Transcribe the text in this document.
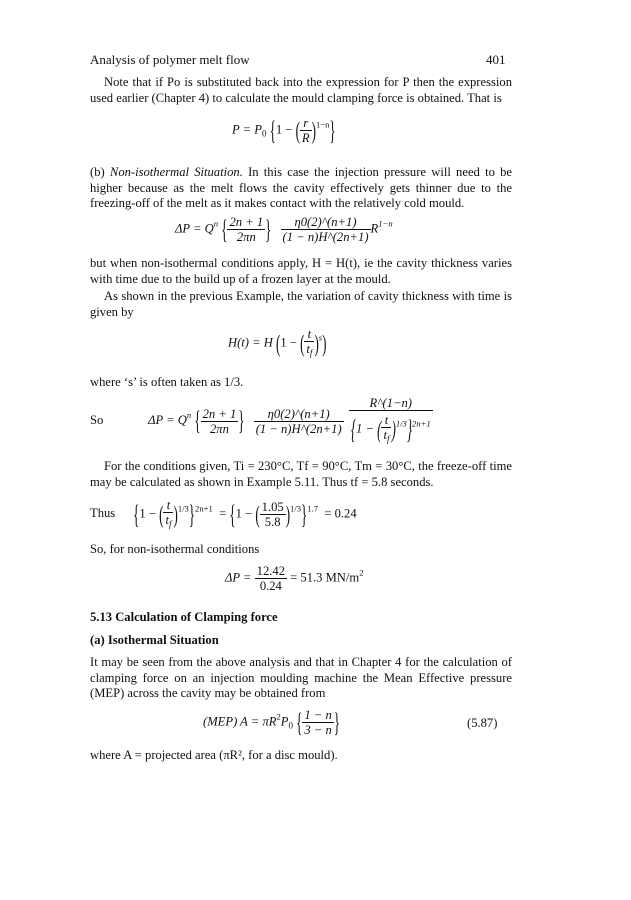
Analysis of polymer melt flow	401
Note that if Po is substituted back into the expression for P then the expression used earlier (Chapter 4) to calculate the mould clamping force is obtained. That is
$P = P_0$ {1 − ( $\frac{r}{R} )^{1-n}$}
(b) Non-isothermal Situation. In this case the injection pressure will need to be higher because as the melt flows the cavity effectively gets thinner due to the freezing-off of the melt as it makes contact with the relatively cold mould.
$\Delta P = Q^n$ { $\frac{2n + 1}{2\pi n}$ } $\frac{\eta 0(2)\^{}(n+1)}{(1 - n)H\^{}(2n+1)} R^{1-n}$
but when non-isothermal conditions apply, H = H(t), ie the cavity thickness varies with time due to the build up of a frozen layer at the mould.
As shown in the previous Example, the variation of cavity thickness with time is given by
H(t) = H (1 − ( $\frac{t}{t_f} )^s$)
where ‘s’ is often taken as 1/3.
So	$\Delta P = Q^n$ { $\frac{2n + 1}{2\pi n}$ } $\frac{\eta 0(2)\^{}(n+1)}{(1 - n)H\^{}(2n+1)}$
$\frac{R\^{}(1-n)}{\{1 - ( \frac{t}{t_f} )^{1/3}\}^{2n+1}}$
For the conditions given, Ti = 230°C, Tf = 90°C, Tm = 30°C, the freeze-off time may be calculated as shown in Example 5.11. Thus tf = 5.8 seconds.
Thus {1 − ( $\frac{t}{t_f} )^{1/3}\}^{2n+1} = \{1$ − ( $\frac{1.05}{5.8} )^{1/3}\}^{1.7} = 0.24$
So, for non-isothermal conditions
$\Delta P = \frac{12.42}{0.24} = 51.3$ $MN/m^2$
5.13 Calculation of Clamping force
(a) Isothermal Situation
It may be seen from the above analysis and that in Chapter 4 for the calculation of clamping force on an injection moulding machine the Mean Effective pressure (MEP) across the cavity may be obtained from
(MEP) $A = \pi R^2P_0$ { $\frac{1 - n}{3 - n}$ }	(5.87)
where A = projected area (πR², for a disc mould).
